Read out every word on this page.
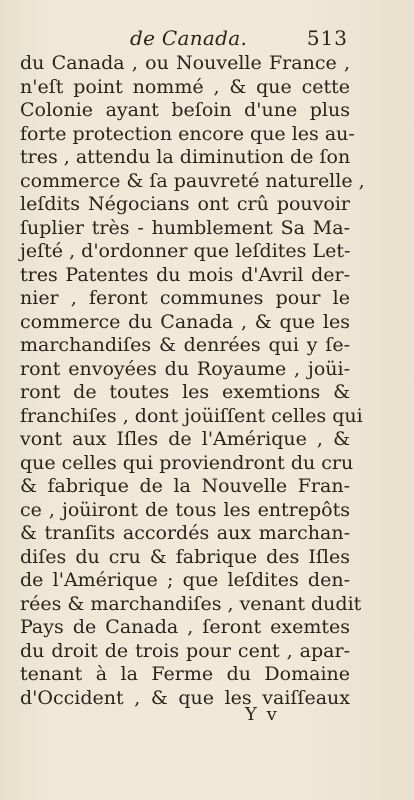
de Canada.	513
du Canada , ou Nouvelle France ,
n'eſt point nommé , & que cette
Colonie ayant beſoin d'une plus
forte protection encore que les au-
tres , attendu la diminution de ſon
commerce & ſa pauvreté naturelle ,
leſdits Négocians ont crû pouvoir
ſuplier très - humblement Sa Ma-
jeſté , d'ordonner que leſdites Let-
tres Patentes du mois d'Avril der-
nier , feront communes pour le
commerce du Canada , & que les
marchandiſes & denrées qui y ſe-
ront envoyées du Royaume , joüi-
ront de toutes les exemtions &
franchiſes , dont joüiſſent celles qui
vont aux Iſles de l'Amérique , &
que celles qui proviendront du cru
& fabrique de la Nouvelle Fran-
ce , joüiront de tous les entrepôts
& tranſits accordés aux marchan-
diſes du cru & fabrique des Iſles
de l'Amérique ; que leſdites den-
rées & marchandiſes , venant dudit
Pays de Canada , ſeront exemtes
du droit de trois pour cent , apar-
tenant à la Ferme du Domaine
d'Occident , & que les vaiſſeaux
Y v
